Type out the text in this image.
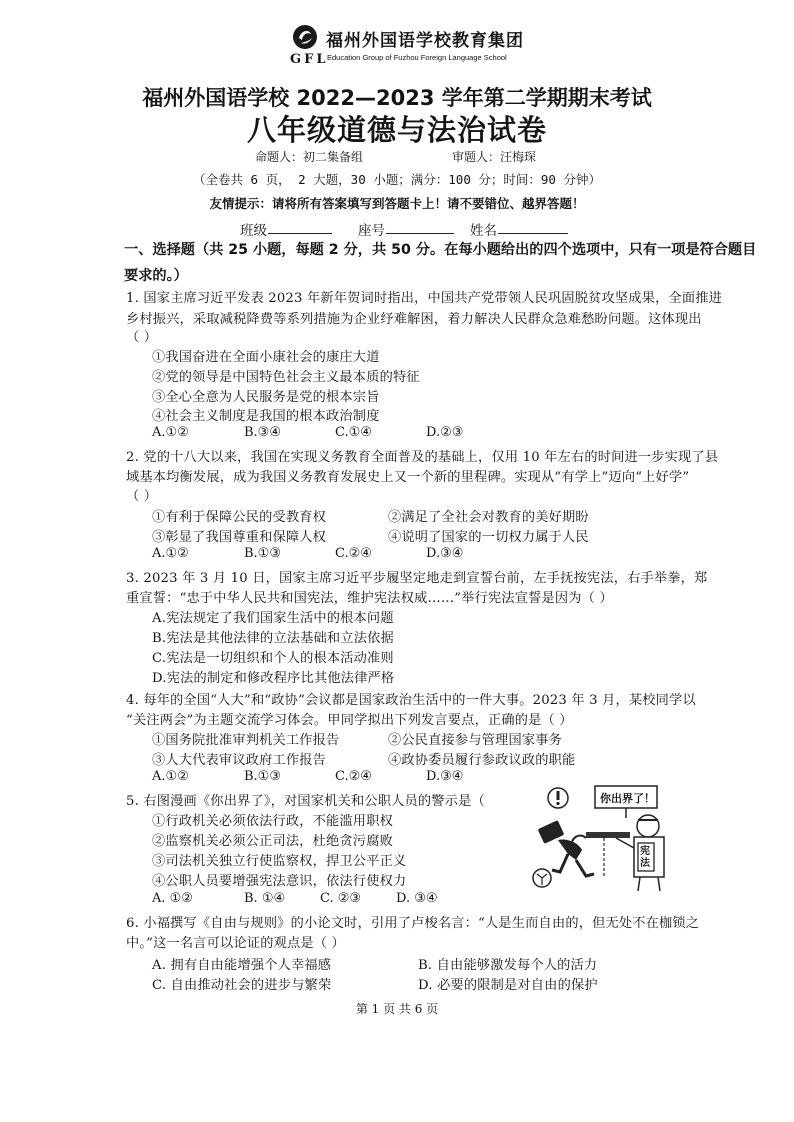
福州外国语学校教育集团
GFL
Education Group of Fuzhou Foreign Language School
福州外国语学校 2022—2023 学年第二学期期末考试
八年级道德与法治试卷
命题人：初二集备组	审题人：汪梅琛
（全卷共 6 页， 2 大题，30 小题；满分：100 分；时间：90 分钟）
友情提示：请将所有答案填写到答题卡上！请不要错位、越界答题！
班级	座号	姓名
一、选择题（共 25 小题，每题 2 分，共 50 分。在每小题给出的四个选项中，只有一项是符合题目
要求的。）
1. 国家主席习近平发表 2023 年新年贺词时指出，中国共产党带领人民巩固脱贫攻坚成果，全面推进
乡村振兴，采取减税降费等系列措施为企业纾难解困，着力解决人民群众急难愁盼问题。这体现出
（ ）
①我国奋进在全面小康社会的康庄大道
②党的领导是中国特色社会主义最本质的特征
③全心全意为人民服务是党的根本宗旨
④社会主义制度是我国的根本政治制度
A.①②	B.③④	C.①④	D.②③
2. 党的十八大以来，我国在实现义务教育全面普及的基础上，仅用 10 年左右的时间进一步实现了县
域基本均衡发展，成为我国义务教育发展史上又一个新的里程碑。实现从“有学上”迈向“上好学”
（ ）
①有利于保障公民的受教育权	②满足了全社会对教育的美好期盼
③彰显了我国尊重和保障人权	④说明了国家的一切权力属于人民
A.①②	B.①③	C.②④	D.③④
3. 2023 年 3 月 10 日，国家主席习近平步履坚定地走到宣誓台前，左手抚按宪法，右手举拳，郑
重宣誓：“忠于中华人民共和国宪法，维护宪法权威……”举行宪法宣誓是因为（ ）
A.宪法规定了我们国家生活中的根本问题
B.宪法是其他法律的立法基础和立法依据
C.宪法是一切组织和个人的根本活动准则
D.宪法的制定和修改程序比其他法律严格
4. 每年的全国“人大”和“政协”会议都是国家政治生活中的一件大事。2023 年 3 月，某校同学以
“关注两会”为主题交流学习体会。甲同学拟出下列发言要点，正确的是（ ）
①国务院批准审判机关工作报告	②公民直接参与管理国家事务
③人大代表审议政府工作报告	④政协委员履行参政议政的职能
A.①②	B.①③	C.②④	D.③④
5. 右图漫画《你出界了》，对国家机关和公职人员的警示是（
①行政机关必须依法行政，不能滥用职权
②监察机关必须公正司法，杜绝贪污腐败
③司法机关独立行使监察权，捍卫公平正义
④公职人员要增强宪法意识，依法行使权力
A. ①②	B. ①④	C. ②③	D. ③④
你出界了！
宪法
6. 小福撰写《自由与规则》的小论文时，引用了卢梭名言：“人是生而自由的，但无处不在枷锁之
中。”这一名言可以论证的观点是（ ）
A. 拥有自由能增强个人幸福感	B. 自由能够激发每个人的活力
C. 自由推动社会的进步与繁荣	D. 必要的限制是对自由的保护
第 1 页 共 6 页
